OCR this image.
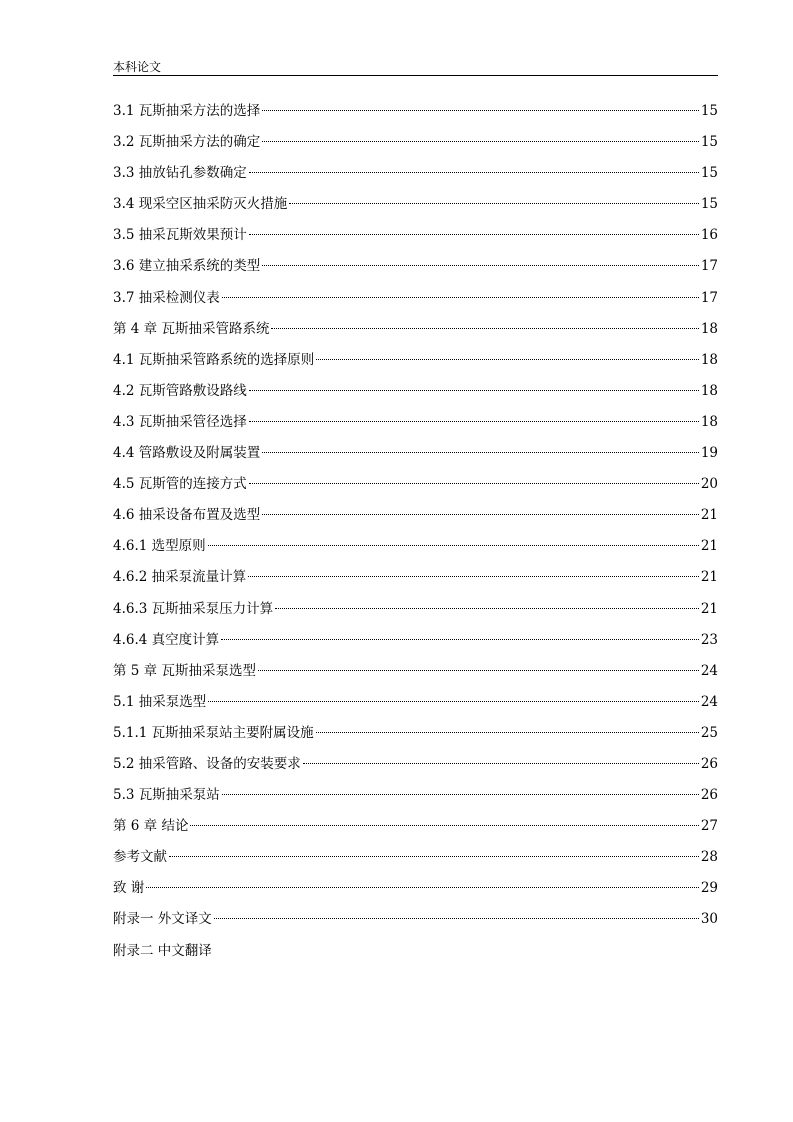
本科论文
3.1 瓦斯抽采方法的选择	15
3.2 瓦斯抽采方法的确定	15
3.3 抽放钻孔参数确定	15
3.4 现采空区抽采防灭火措施	15
3.5 抽采瓦斯效果预计	16
3.6 建立抽采系统的类型	17
3.7 抽采检测仪表	17
第 4 章 瓦斯抽采管路系统	18
4.1 瓦斯抽采管路系统的选择原则	18
4.2 瓦斯管路敷设路线	18
4.3 瓦斯抽采管径选择	18
4.4 管路敷设及附属装置	19
4.5 瓦斯管的连接方式	20
4.6 抽采设备布置及选型	21
4.6.1 选型原则	21
4.6.2 抽采泵流量计算	21
4.6.3 瓦斯抽采泵压力计算	21
4.6.4 真空度计算	23
第 5 章 瓦斯抽采泵选型	24
5.1 抽采泵选型	24
5.1.1 瓦斯抽采泵站主要附属设施	25
5.2 抽采管路、设备的安装要求	26
5.3 瓦斯抽采泵站	26
第 6 章 结论	27
参考文献	28
致 谢	29
附录一 外文译文	30
附录二 中文翻译
